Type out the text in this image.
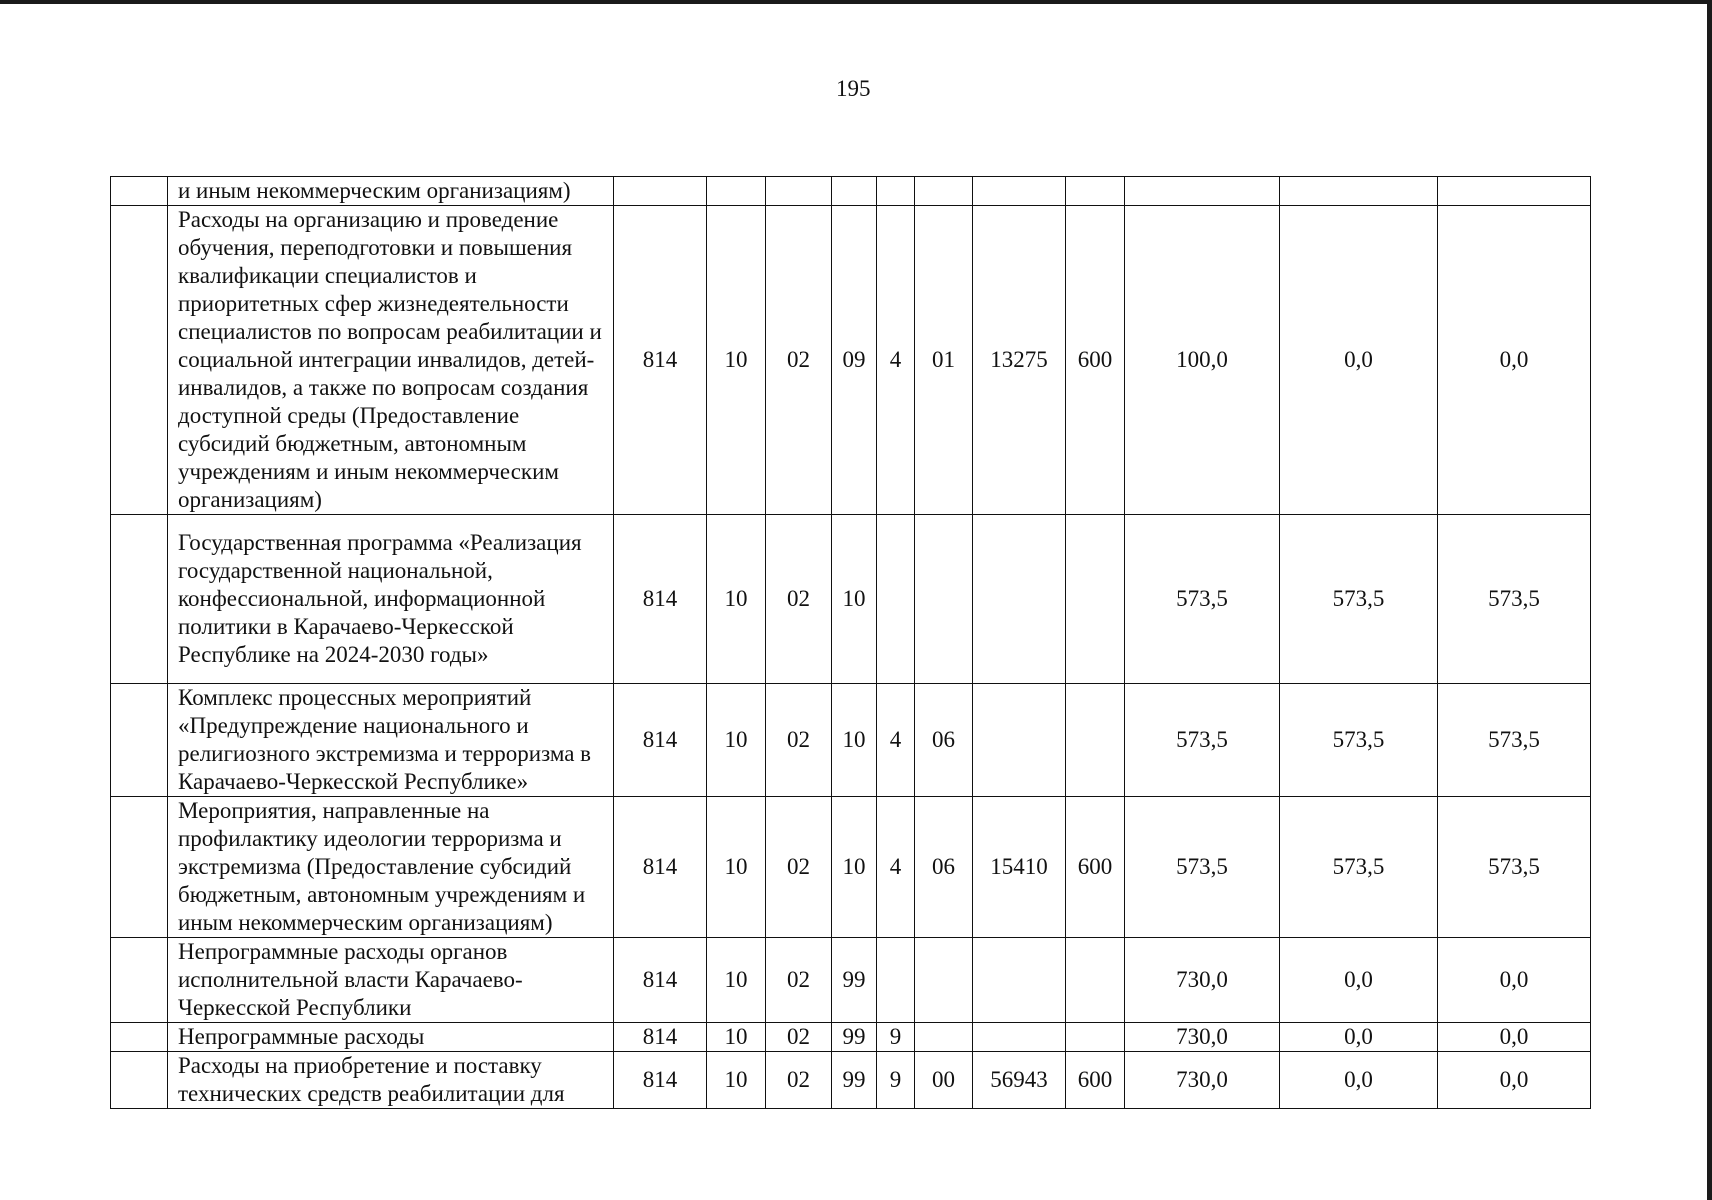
195
	и иным некоммерческим организациям)											
	Расходы на организацию и проведение обучения, переподготовки и повышения квалификации специалистов и приоритетных сфер жизнедеятельности специалистов по вопросам реабилитации и социальной интеграции инвалидов, детей-инвалидов, а также по вопросам создания доступной среды (Предоставление субсидий бюджетным, автономным учреждениям и иным некоммерческим организациям)	814	10	02	09	4	01	13275	600	100,0	0,0	0,0
	Государственная программа «Реализация государственной национальной, конфессиональной, информационной политики в Карачаево-Черкесской Республике на 2024-2030 годы»	814	10	02	10					573,5	573,5	573,5
	Комплекс процессных мероприятий «Предупреждение национального и религиозного экстремизма и терроризма в Карачаево-Черкесской Республике»	814	10	02	10	4	06			573,5	573,5	573,5
	Мероприятия, направленные на профилактику идеологии терроризма и экстремизма (Предоставление субсидий бюджетным, автономным учреждениям и иным некоммерческим организациям)	814	10	02	10	4	06	15410	600	573,5	573,5	573,5
	Непрограммные расходы органов исполнительной власти Карачаево-Черкесской Республики	814	10	02	99					730,0	0,0	0,0
	Непрограммные расходы	814	10	02	99	9				730,0	0,0	0,0
	Расходы на приобретение и поставку технических средств реабилитации для	814	10	02	99	9	00	56943	600	730,0	0,0	0,0
